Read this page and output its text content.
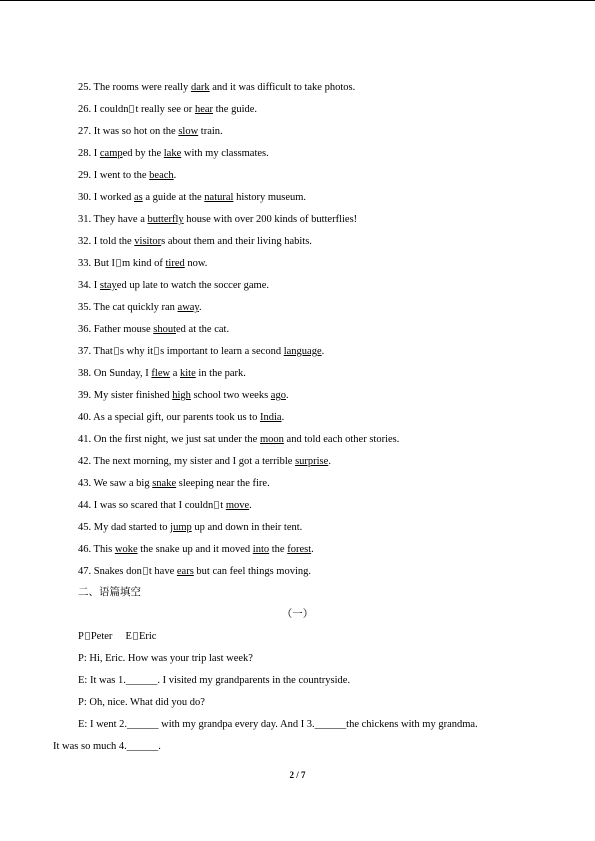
25. The rooms were really dark and it was difficult to take photos.
26. I couldn t really see or hear the guide.
27. It was so hot on the slow train.
28. I camped by the lake with my classmates.
29. I went to the beach.
30. I worked as a guide at the natural history museum.
31. They have a butterfly house with over 200 kinds of butterflies!
32. I told the visitors about them and their living habits.
33. But I m kind of tired now.
34. I stayed up late to watch the soccer game.
35. The cat quickly ran away.
36. Father mouse shouted at the cat.
37. That s why it s important to learn a second language.
38. On Sunday, I flew a kite in the park.
39. My sister finished high school two weeks ago.
40. As a special gift, our parents took us to India.
41. On the first night, we just sat under the moon and told each other stories.
42. The next morning, my sister and I got a terrible surprise.
43. We saw a big snake sleeping near the fire.
44. I was so scared that I couldn t move.
45. My dad started to jump up and down in their tent.
46. This woke the snake up and it moved into the forest.
47. Snakes don t have ears but can feel things moving.
二、语篇填空
（一）
P Peter E Eric
P: Hi, Eric. How was your trip last week?
E: It was 1.______. I visited my grandparents in the countryside.
P: Oh, nice. What did you do?
E: I went 2.______ with my grandpa every day. And I 3.______the chickens with my grandma.
It was so much 4.______.
2 / 7
